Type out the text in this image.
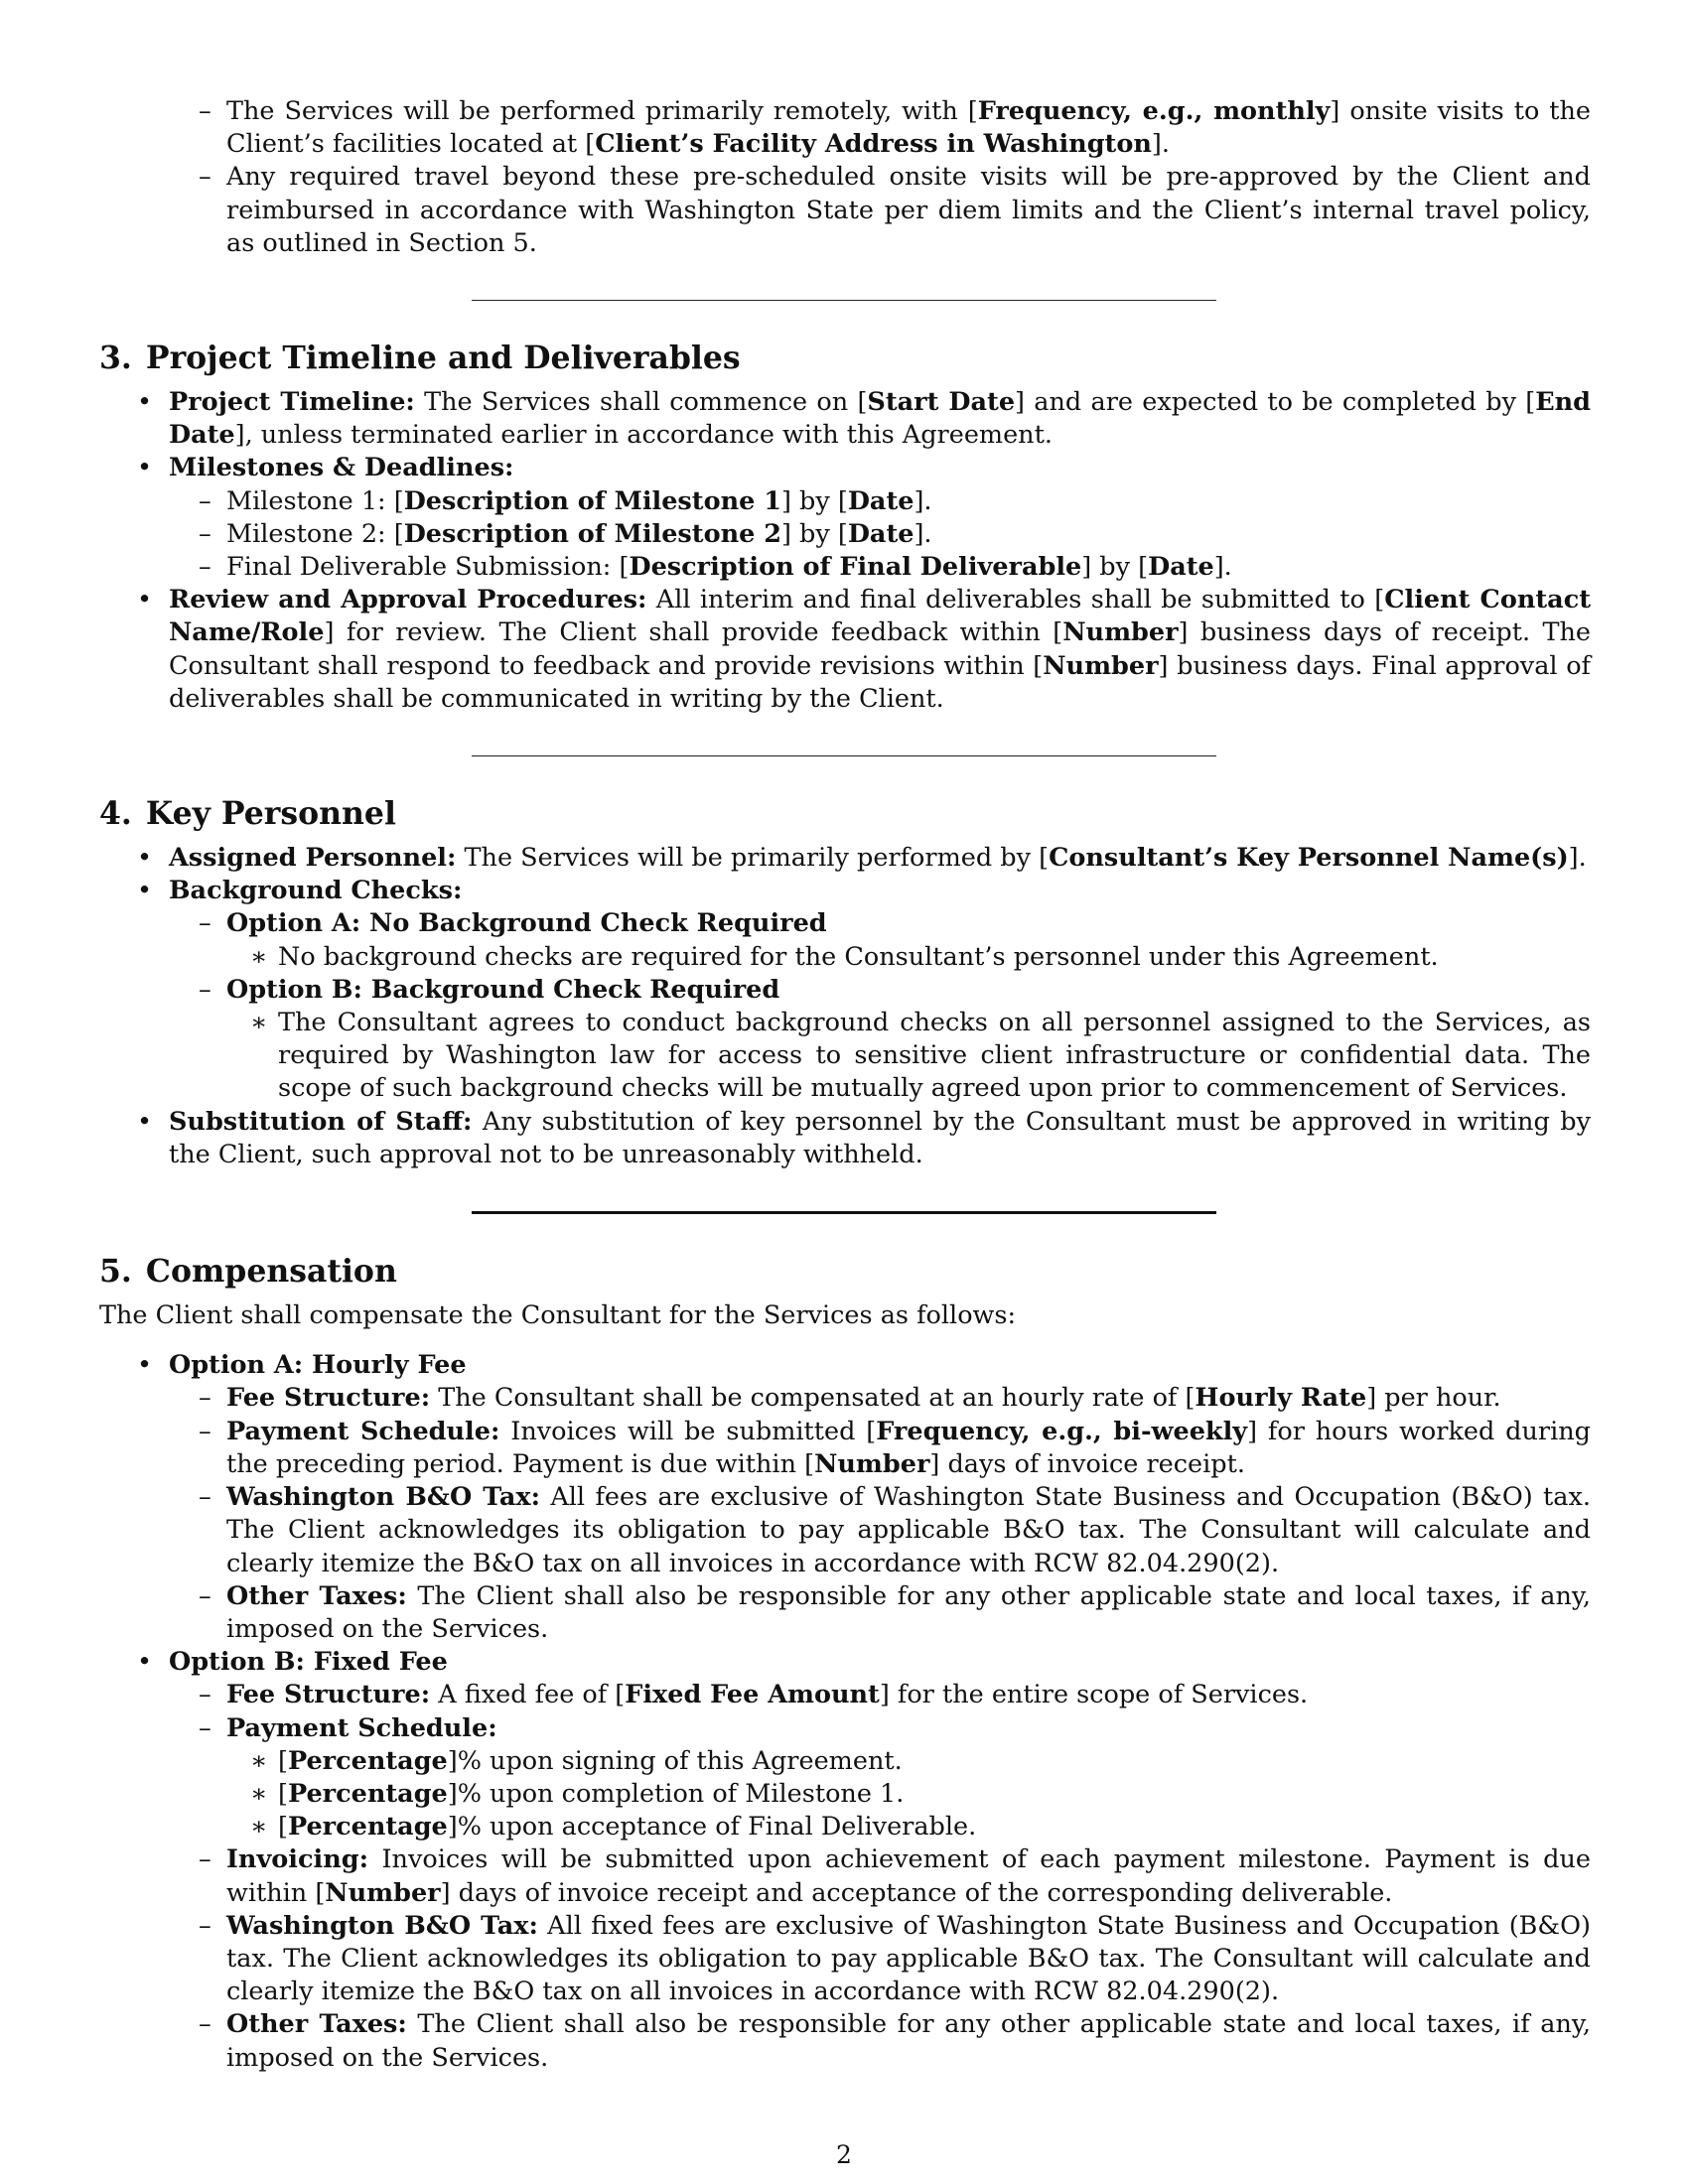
– The Services will be performed primarily remotely, with [Frequency, e.g., monthly] onsite visits to the Client’s facilities located at [Client’s Facility Address in Washington].
– Any required travel beyond these pre-scheduled onsite visits will be pre-approved by the Client and reimbursed in accordance with Washington State per diem limits and the Client’s internal travel policy, as outlined in Section 5.
3. Project Timeline and Deliverables
• Project Timeline: The Services shall commence on [Start Date] and are expected to be completed by [End Date], unless terminated earlier in accordance with this Agreement.
• Milestones & Deadlines:
– Milestone 1: [Description of Milestone 1] by [Date].
– Milestone 2: [Description of Milestone 2] by [Date].
– Final Deliverable Submission: [Description of Final Deliverable] by [Date].
• Review and Approval Procedures: All interim and final deliverables shall be submitted to [Client Contact Name/Role] for review. The Client shall provide feedback within [Number] business days of receipt. The Consultant shall respond to feedback and provide revisions within [Number] business days. Final approval of deliverables shall be communicated in writing by the Client.
4. Key Personnel
• Assigned Personnel: The Services will be primarily performed by [Consultant’s Key Personnel Name(s)].
• Background Checks:
– Option A: No Background Check Required
∗ No background checks are required for the Consultant’s personnel under this Agreement.
– Option B: Background Check Required
∗ The Consultant agrees to conduct background checks on all personnel assigned to the Services, as required by Washington law for access to sensitive client infrastructure or confidential data. The scope of such background checks will be mutually agreed upon prior to commencement of Services.
• Substitution of Staff: Any substitution of key personnel by the Consultant must be approved in writing by the Client, such approval not to be unreasonably withheld.
5. Compensation

The Client shall compensate the Consultant for the Services as follows:

• Option A: Hourly Fee
– Fee Structure: The Consultant shall be compensated at an hourly rate of [Hourly Rate] per hour.
– Payment Schedule: Invoices will be submitted [Frequency, e.g., bi-weekly] for hours worked during the preceding period. Payment is due within [Number] days of invoice receipt.
– Washington B&O Tax: All fees are exclusive of Washington State Business and Occupation (B&O) tax. The Client acknowledges its obligation to pay applicable B&O tax. The Consultant will calculate and clearly itemize the B&O tax on all invoices in accordance with RCW 82.04.290(2).
– Other Taxes: The Client shall also be responsible for any other applicable state and local taxes, if any, imposed on the Services.
• Option B: Fixed Fee
– Fee Structure: A fixed fee of [Fixed Fee Amount] for the entire scope of Services.
– Payment Schedule:
∗ [Percentage]% upon signing of this Agreement.
∗ [Percentage]% upon completion of Milestone 1.
∗ [Percentage]% upon acceptance of Final Deliverable.
– Invoicing: Invoices will be submitted upon achievement of each payment milestone. Payment is due within [Number] days of invoice receipt and acceptance of the corresponding deliverable.
– Washington B&O Tax: All fixed fees are exclusive of Washington State Business and Occupation (B&O) tax. The Client acknowledges its obligation to pay applicable B&O tax. The Consultant will calculate and clearly itemize the B&O tax on all invoices in accordance with RCW 82.04.290(2).
– Other Taxes: The Client shall also be responsible for any other applicable state and local taxes, if any, imposed on the Services.
2
